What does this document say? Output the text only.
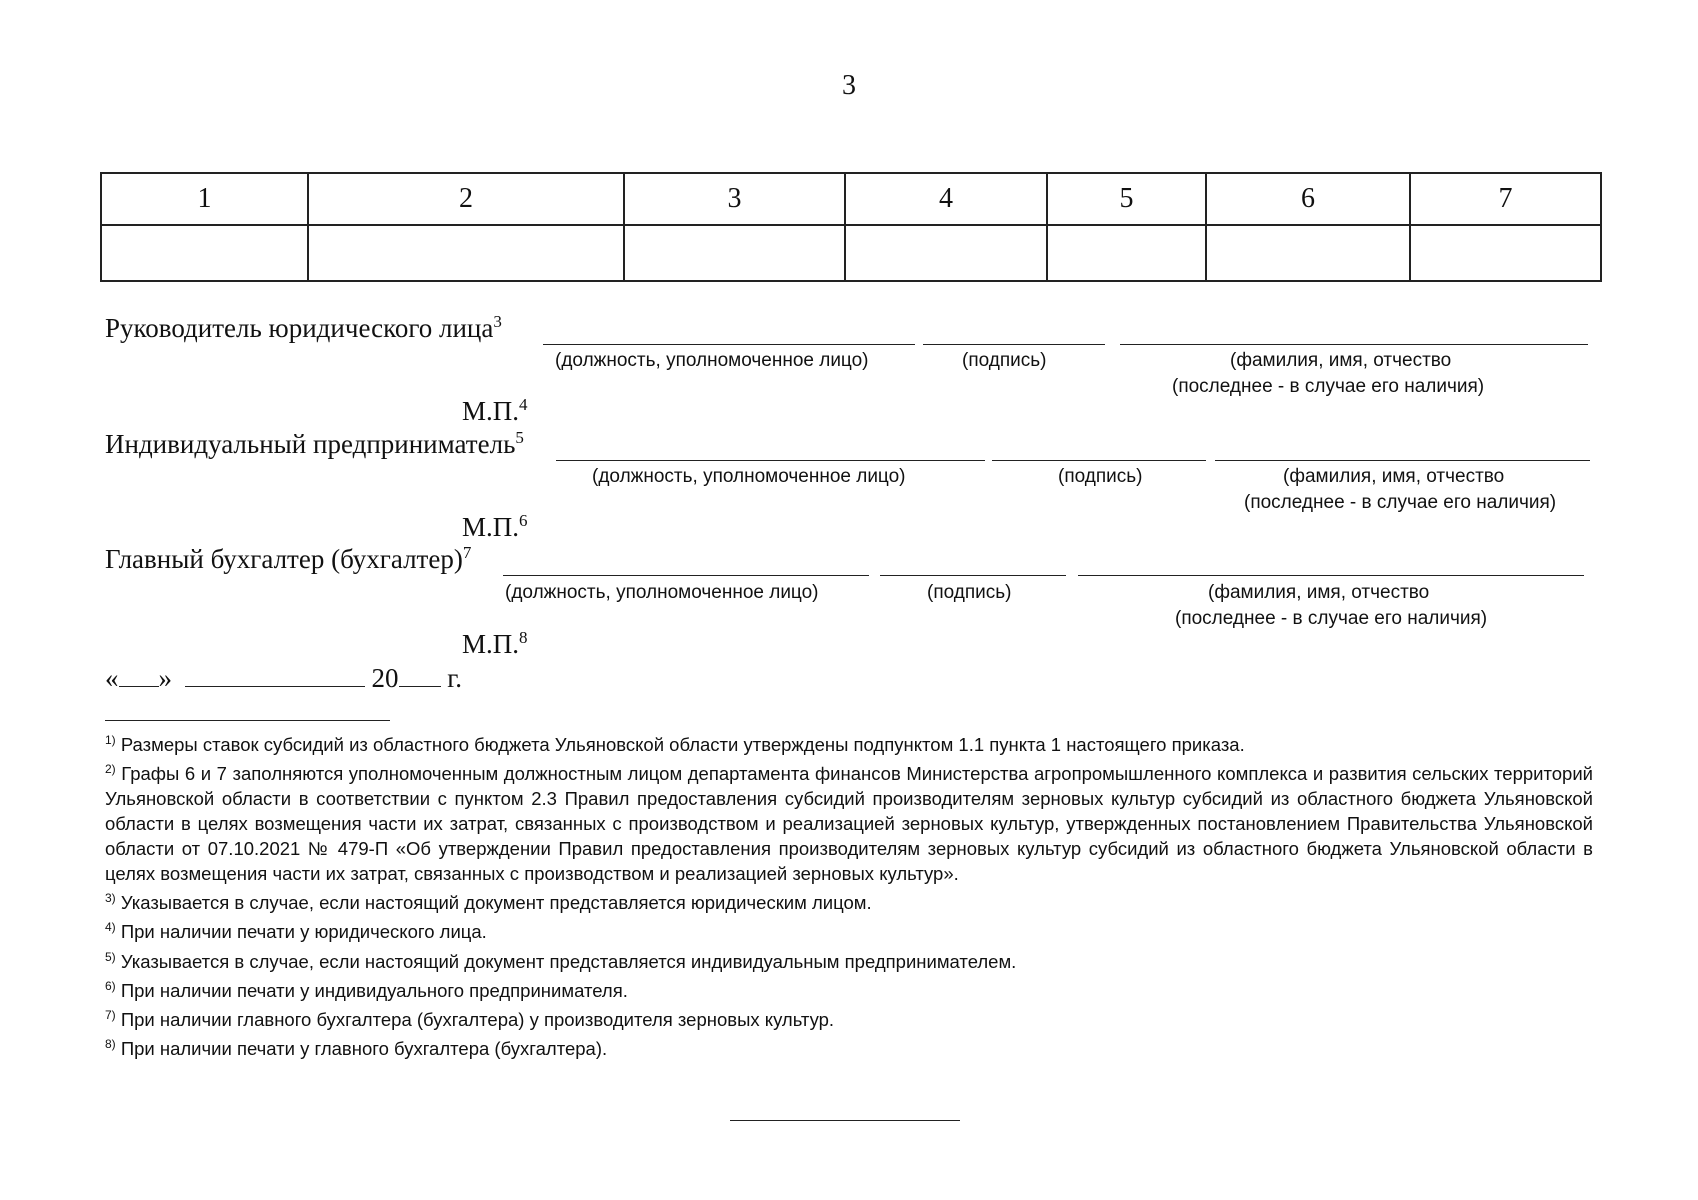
3
1	2	3	4	5	6	7

Руководитель юридического лица$^3$
(должность, уполномоченное лицо)	(подпись)	(фамилия, имя, отчество
(последнее - в случае его наличия)
М.П.$^4$
Индивидуальный предприниматель$^5$
(должность, уполномоченное лицо)	(подпись)	(фамилия, имя, отчество
(последнее - в случае его наличия)
М.П.$^6$
Главный бухгалтер (бухгалтер)$^7$
(должность, уполномоченное лицо)	(подпись)	(фамилия, имя, отчество
(последнее - в случае его наличия)
М.П.$^8$
« »	20 г.

$^{1)}$ Размеры ставок субсидий из областного бюджета Ульяновской области утверждены подпунктом 1.1 пункта 1 настоящего приказа.

$^{2)}$ Графы 6 и 7 заполняются уполномоченным должностным лицом департамента финансов Министерства агропромышленного комплекса и развития сельских территорий Ульяновской области в соответствии с пунктом 2.3 Правил предоставления субсидий производителям зерновых культур субсидий из областного бюджета Ульяновской области в целях возмещения части их затрат, связанных с производством и реализацией зерновых культур, утвержденных постановлением Правительства Ульяновской области от 07.10.2021 № 479-П «Об утверждении Правил предоставления производителям зерновых культур субсидий из областного бюджета Ульяновской области в целях возмещения части их затрат, связанных с производством и реализацией зерновых культур».

$^{3)}$ Указывается в случае, если настоящий документ представляется юридическим лицом.

$^{4)}$ При наличии печати у юридического лица.

$^{5)}$ Указывается в случае, если настоящий документ представляется индивидуальным предпринимателем.

$^{6)}$ При наличии печати у индивидуального предпринимателя.

$^{7)}$ При наличии главного бухгалтера (бухгалтера) у производителя зерновых культур.

$^{8)}$ При наличии печати у главного бухгалтера (бухгалтера).
